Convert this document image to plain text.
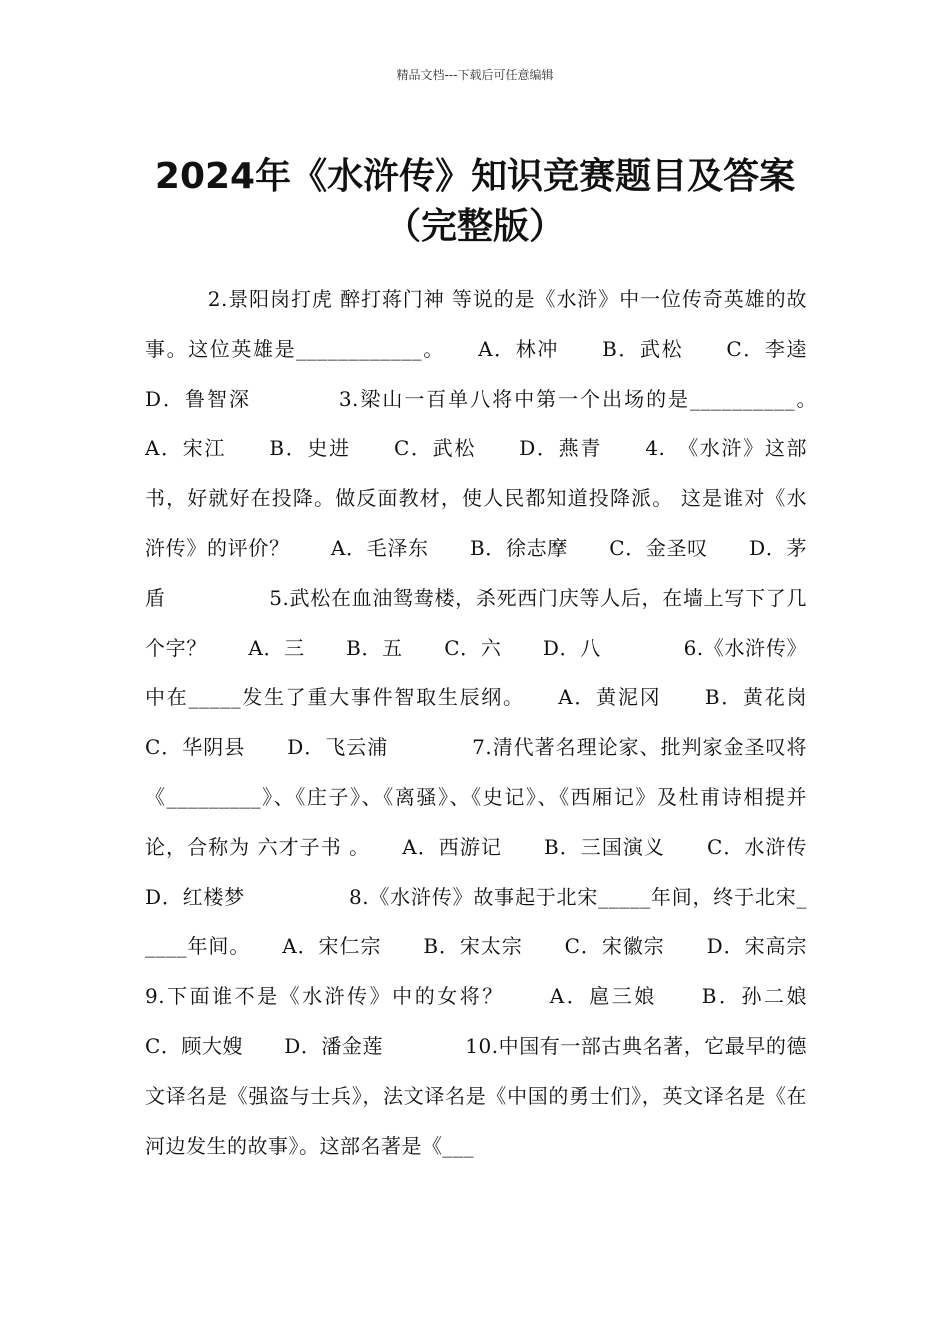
精品文档---下载后可任意编辑
2024年《水浒传》知识竞赛题目及答案
（完整版）

　　　2.景阳岗打虎 醉打蒋门神 等说的是《水浒》中一位传奇英雄的故事。这位英雄是____________。　　A．林冲　　B．武松　　C．李逵　　D．鲁智深　　　　3.梁山一百单八将中第一个出场的是__________。　　A．宋江　　B．史进　　C．武松　　D．燕青　　4.　《水浒》这部书，好就好在投降。做反面教材，使人民都知道投降派。 这是谁对《水浒传》的评价？　　A．毛泽东　　B．徐志摩　　C．金圣叹　　D．茅盾　　　　　5.武松在血油鸳鸯楼，杀死西门庆等人后，在墙上写下了几个字？　　A．三　　B．五　　C．六　　D．八　　　　6.《水浒传》中在_____发生了重大事件智取生辰纲。　　A．黄泥冈　　B．黄花岗　　C．华阴县　　D．飞云浦　　　　7.清代著名理论家、批判家金圣叹将《_________》、《庄子》、《离骚》、《史记》、《西厢记》及杜甫诗相提并论，合称为 六才子书 。　　A．西游记　　B．三国演义　　C．水浒传　　D．红楼梦　　　　　8.《水浒传》故事起于北宋_____年间，终于北宋_____年间。　　A．宋仁宗　　B．宋太宗　　C．宋徽宗　　D．宋高宗　　　　9.下面谁不是《水浒传》中的女将？　　A．扈三娘　　B．孙二娘　　C．顾大嫂　　D．潘金莲　　　　10.中国有一部古典名著，它最早的德文译名是《强盗与士兵》，法文译名是《中国的勇士们》，英文译名是《在河边发生的故事》。这部名著是《___
